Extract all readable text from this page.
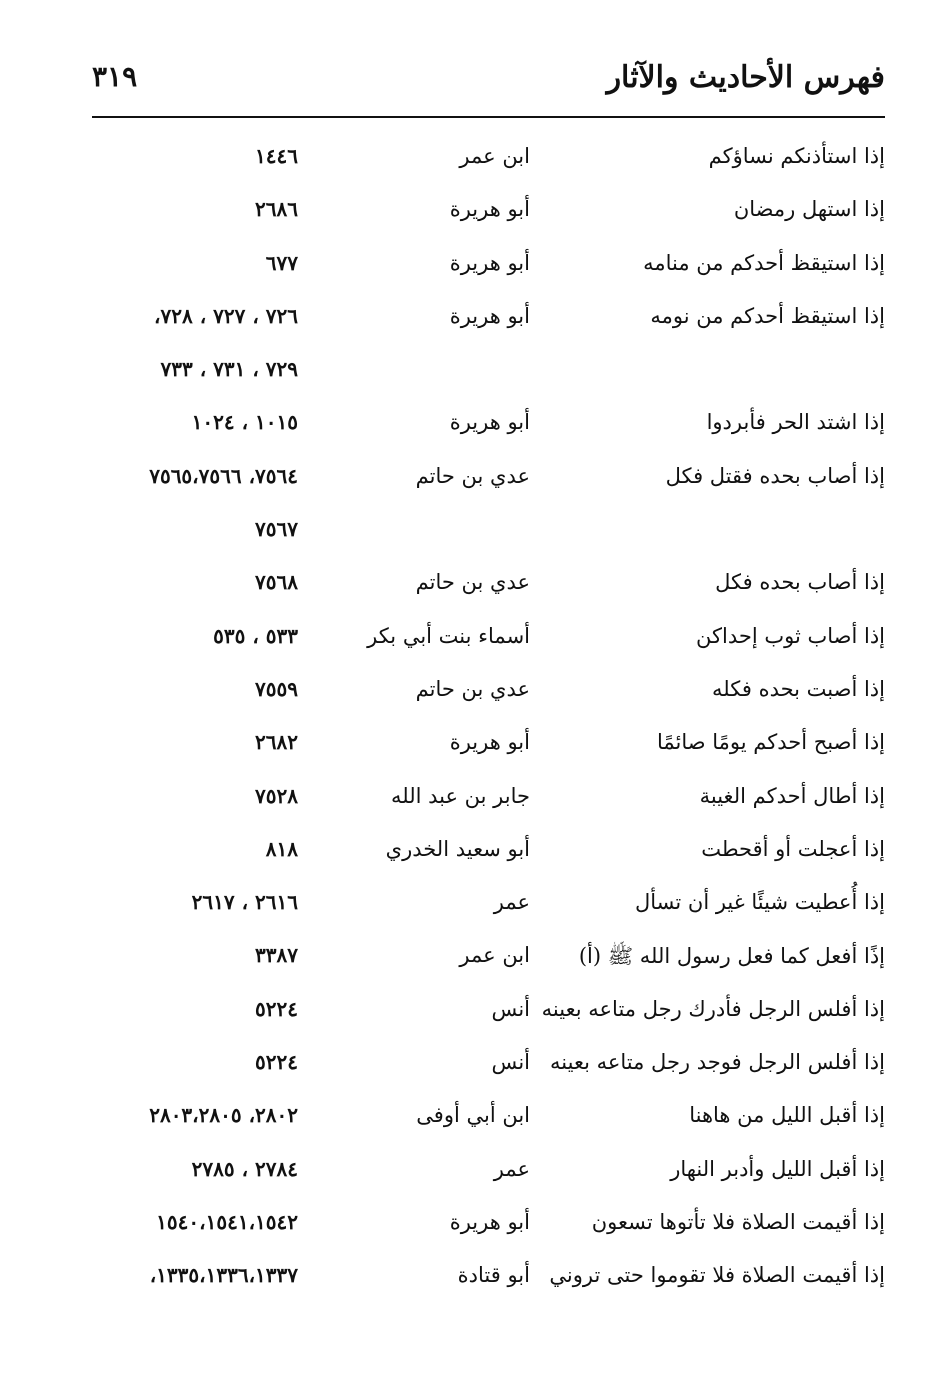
فهرس الأحاديث والآثار
٣١٩
إذا استأذنكم نساؤكم
ابن عمر
١٤٤٦
إذا استهل رمضان
أبو هريرة
٢٦٨٦
إذا استيقظ أحدكم من منامه
أبو هريرة
٦٧٧
إذا استيقظ أحدكم من نومه
أبو هريرة
٧٢٦ ، ٧٢٧ ، ٧٢٨،
٧٢٩ ، ٧٣١ ، ٧٣٣
إذا اشتد الحر فأبردوا
أبو هريرة
١٠١٥ ، ١٠٢٤
إذا أصاب بحده فقتل فكل
عدي بن حاتم
٧٥٦٤، ٧٥٦٥،٧٥٦٦
٧٥٦٧
إذا أصاب بحده فكل
عدي بن حاتم
٧٥٦٨
إذا أصاب ثوب إحداكن
أسماء بنت أبي بكر
٥٣٣ ، ٥٣٥
إذا أصبت بحده فكله
عدي بن حاتم
٧٥٥٩
إذا أصبح أحدكم يومًا صائمًا
أبو هريرة
٢٦٨٢
إذا أطال أحدكم الغيبة
جابر بن عبد الله
٧٥٢٨
إذا أعجلت أو أقحطت
أبو سعيد الخدري
٨١٨
إذا أُعطيت شيئًا غير أن تسأل
عمر
٢٦١٦ ، ٢٦١٧
إذًا أفعل كما فعل رسول الله ﷺ (أ)
ابن عمر
٣٣٨٧
إذا أفلس الرجل فأدرك رجل متاعه بعينه
أنس
٥٢٢٤
إذا أفلس الرجل فوجد رجل متاعه بعينه
أنس
٥٢٢٤
إذا أقبل الليل من هاهنا
ابن أبي أوفى
٢٨٠٢، ٢٨٠٣،٢٨٠٥
إذا أقبل الليل وأدبر النهار
عمر
٢٧٨٤ ، ٢٧٨٥
إذا أقيمت الصلاة فلا تأتوها تسعون
أبو هريرة
١٥٤٠،١٥٤١،١٥٤٢
إذا أقيمت الصلاة فلا تقوموا حتى تروني
أبو قتادة
١٣٣٥،١٣٣٦،١٣٣٧،
